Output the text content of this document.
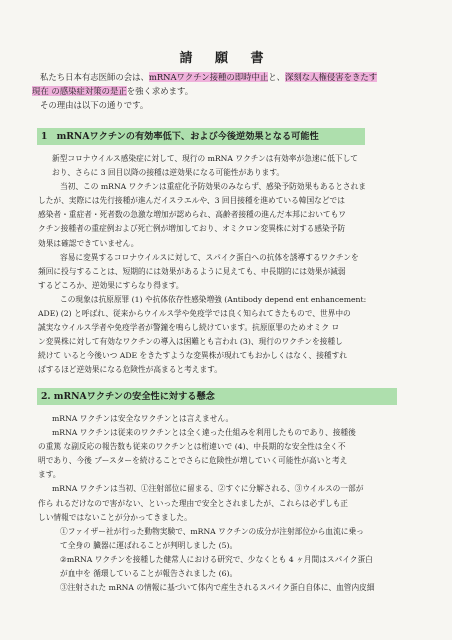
請 願 書

私たち日本有志医師の会は、mRNAワクチン接種の即時中止と、深刻な人権侵害をきたす

現在 の感染症対策の是正を強く求めます。

その理由は以下の通りです。

1　mRNAワクチンの有効率低下、および今後逆効果となる可能性

新型コロナウイルス感染症に対して、現行の mRNA ワクチンは有効率が急速に低下して

おり、さらに 3 回目以降の接種は逆効果になる可能性があります。

当初、この mRNA ワクチンは重症化予防効果のみならず、感染予防効果もあるとされま

したが、実際には先行接種が進んだイスラエルや、3 回目接種を進めている韓国などでは

感染者・重症者・死者数の急激な増加が認められ、高齢者接種の進んだ本邦においてもワ

クチン接種者の重症例および死亡例が増加しており、オミクロン変異株に対する感染予防

効果は確認できていません。

容易に変異するコロナウイルスに対して、スパイク蛋白への抗体を誘導するワクチンを

頻回に投与することは、短期的には効果があるように見えても、中長期的には効果が減弱

するどころか、逆効果にすらなり得ます。

この現象は抗原原罪 (1) や抗体依存性感染増強 (Antibody depend ent enhancement:

ADE) (2) と呼ばれ、従来からウイルス学や免疫学では良く知られてきたもので、世界中の

誠実なウイルス学者や免疫学者が警鐘を鳴らし続けています。抗原原罪のためオミク ロ

ン変異株に対して有効なワクチンの導入は困難とも言われ (3)、現行のワクチンを接種し

続けて いると今後いつ ADE をきたすような変異株が現れてもおかしくはなく、接種すれ

ばするほど逆効果になる危険性が高まると考えます。

2. mRNAワクチンの安全性に対する懸念

mRNA ワクチンは安全なワクチンとは言えません。

mRNA ワクチンは従来のワクチンとは全く違った仕組みを利用したものであり、接種後

の重篤 な副反応の報告数も従来のワクチンとは桁違いで (4)、中長期的な安全性は全く不

明であり、今後 ブースターを続けることでさらに危険性が増していく可能性が高いと考え

ます。

mRNA ワクチンは当初、①注射部位に留まる、②すぐに分解される、③ウイルスの一部が

作ら れるだけなので害がない、といった理由で安全とされましたが、これらは必ずしも正

しい情報ではないことが分かってきました。

①ファイザー社が行った動物実験で、mRNA ワクチンの成分が注射部位から血流に乗っ

て全身の 臓器に運ばれることが判明しました (5)。

②mRNA ワクチンを接種した健常人における研究で、少なくとも 4 ヶ月間はスパイク蛋白

が血中を 循環していることが報告されました (6)。

③注射された mRNA の情報に基づいて体内で産生されるスパイク蛋白自体に、血管内皮細
